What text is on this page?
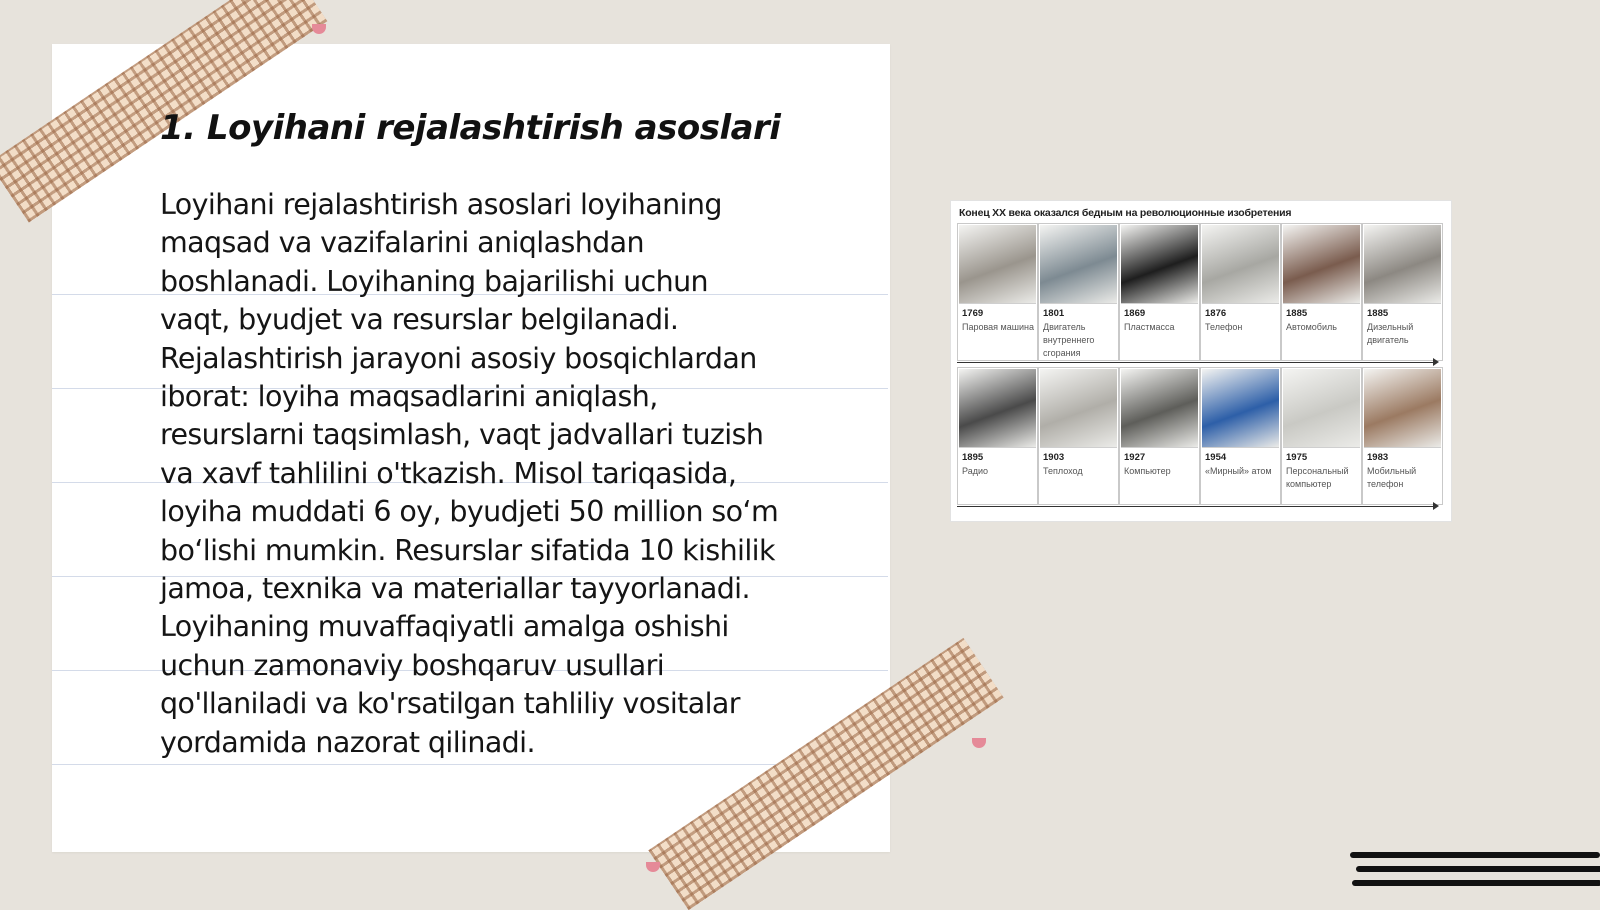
1. Loyihani rejalashtirish asoslari
Loyihani rejalashtirish asoslari loyihaning
maqsad va vazifalarini aniqlashdan
boshlanadi. Loyihaning bajarilishi uchun
vaqt, byudjet va resurslar belgilanadi.
Rejalashtirish jarayoni asosiy bosqichlardan
iborat: loyiha maqsadlarini aniqlash,
resurslarni taqsimlash, vaqt jadvallari tuzish
va xavf tahlilini o'tkazish. Misol tariqasida,
loyiha muddati 6 oy, byudjeti 50 million so‘m
bo‘lishi mumkin. Resurslar sifatida 10 kishilik
jamoa, texnika va materiallar tayyorlanadi.
Loyihaning muvaffaqiyatli amalga oshishi
uchun zamonaviy boshqaruv usullari
qo'llaniladi va ko'rsatilgan tahliliy vositalar
yordamida nazorat qilinadi.
Конец XX века оказался бедным на революционные изобретения
1769
Паровая машина
1801
Двигатель внутреннего сгорания
1869
Пластмасса
1876
Телефон
1885
Автомобиль
1885
Дизельный двигатель
1895
Радио
1903
Теплоход
1927
Компьютер
1954
«Мирный» атом
1975
Персональный компьютер
1983
Мобильный телефон
